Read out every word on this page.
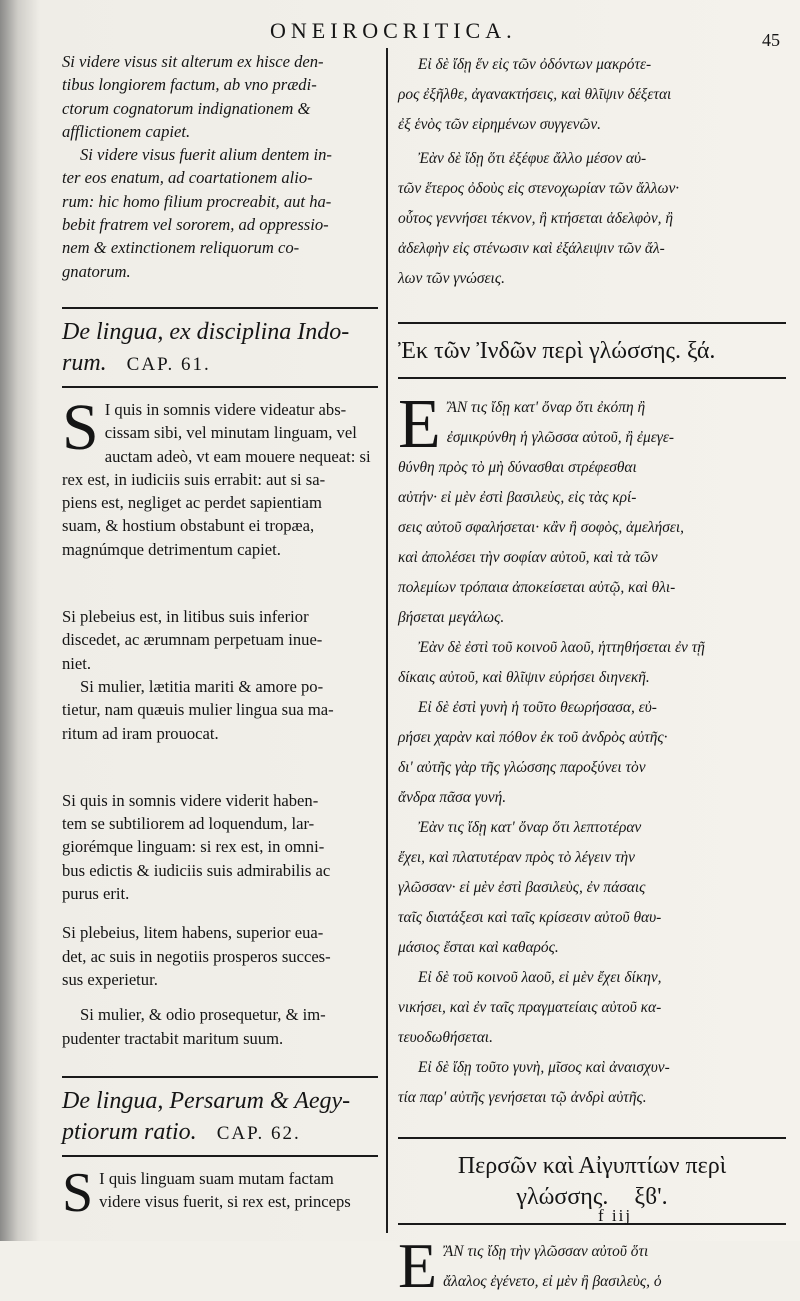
ONEIROCRITICA.	45

Si videre visus sit alterum ex hisce den-
tibus longiorem factum, ab vno prædi-
ctorum cognatorum indignationem &
afflictionem capiet.

Si videre visus fuerit alium dentem in-
ter eos enatum, ad coartationem alio-
rum: hic homo filium procreabit, aut ha-
bebit fratrem vel sororem, ad oppressio-
nem & extinctionem reliquorum co-
gnatorum.

De lingua, ex disciplina Indo-
rum. CAP. 61.

S I quis in somnis videre videatur abs-
cissam sibi, vel minutam linguam, vel
auctam adeò, vt eam mouere nequeat: si
rex est, in iudiciis suis errabit: aut si sa-
piens est, negliget ac perdet sapientiam
suam, & hostium obstabunt ei tropæa,
magnúmque detrimentum capiet.

Si plebeius est, in litibus suis inferior
discedet, ac ærumnam perpetuam inue-
niet.

Si mulier, lætitia mariti & amore po-
tietur, nam quæuis mulier lingua sua ma-
ritum ad iram prouocat.

Si quis in somnis videre viderit haben-
tem se subtiliorem ad loquendum, lar-
giorémque linguam: si rex est, in omni-
bus edictis & iudiciis suis admirabilis ac
purus erit.

Si plebeius, litem habens, superior eua-
det, ac suis in negotiis prosperos succes-
sus experietur.

Si mulier, & odio prosequetur, & im-
pudenter tractabit maritum suum.

De lingua, Persarum & Aegy-
ptiorum ratio. CAP. 62.

S I quis linguam suam mutam factam
videre visus fuerit, si rex est, princeps

Εἰ δὲ ἴδῃ ἕν εἰς τῶν ὀδόντων μακρότε-
ρος ἐξῆλθε, ἀγανακτήσεις, καὶ θλῖψιν δέξεται
ἐξ ἑνὸς τῶν εἰρημένων συγγενῶν.

Ἐὰν δὲ ἴδῃ ὅτι ἐξέφυε ἄλλο μέσον αὐ-
τῶν ἕτερος ὀδοὺς εἰς στενοχωρίαν τῶν ἄλλων·
οὗτος γεννήσει τέκνον, ἢ κτήσεται ἀδελφὸν, ἢ
ἀδελφὴν εἰς στένωσιν καὶ ἐξάλειψιν τῶν ἄλ-
λων τῶν γνώσεις.

Ἐκ τῶν Ἰνδῶν περὶ γλώσσης. ξά.

Ε ἊΝ τις ἴδῃ κατ' ὄναρ ὅτι ἐκόπη ἢ
ἐσμικρύνθη ἡ γλῶσσα αὐτοῦ, ἢ ἐμεγε-
θύνθη πρὸς τὸ μὴ δύνασθαι στρέφεσθαι
αὐτήν· εἰ μὲν ἐστὶ βασιλεὺς, εἰς τὰς κρί-
σεις αὐτοῦ σφαλήσεται· κἂν ἢ σοφὸς, ἀμελήσει,
καὶ ἀπολέσει τὴν σοφίαν αὐτοῦ, καὶ τὰ τῶν
πολεμίων τρόπαια ἀποκείσεται αὐτῷ, καὶ θλι-
βήσεται μεγάλως.

Ἐὰν δὲ ἐστὶ τοῦ κοινοῦ λαοῦ, ἡττηθήσεται ἐν τῇ
δίκαις αὐτοῦ, καὶ θλῖψιν εὑρήσει διηνεκῆ.

Εἰ δὲ ἐστὶ γυνὴ ἡ τοῦτο θεωρήσασα, εὐ-
ρήσει χαρὰν καὶ πόθον ἐκ τοῦ ἀνδρὸς αὐτῆς·
δι' αὐτῆς γὰρ τῆς γλώσσης παροξύνει τὸν
ἄνδρα πᾶσα γυνή.

Ἐὰν τις ἴδῃ κατ' ὄναρ ὅτι λεπτοτέραν
ἔχει, καὶ πλατυτέραν πρὸς τὸ λέγειν τὴν
γλῶσσαν· εἰ μὲν ἐστὶ βασιλεὺς, ἐν πάσαις
ταῖς διατάξεσι καὶ ταῖς κρίσεσιν αὐτοῦ θαυ-
μάσιος ἔσται καὶ καθαρός.

Εἰ δὲ τοῦ κοινοῦ λαοῦ, εἰ μὲν ἔχει δίκην,
νικήσει, καὶ ἐν ταῖς πραγματείαις αὐτοῦ κα-
τευοδωθήσεται.

Εἰ δὲ ἴδῃ τοῦτο γυνὴ, μῖσος καὶ ἀναισχυν-
τία παρ' αὐτῆς γενήσεται τῷ ἀνδρὶ αὐτῆς.

Περσῶν καὶ Αἰγυπτίων περὶ
γλώσσης. ξϐ'.

Ε ἊΝ τις ἴδῃ τὴν γλῶσσαν αὐτοῦ ὅτι
ἄλαλος ἐγένετο, εἰ μὲν ἢ βασιλεὺς, ὁ

f iij
